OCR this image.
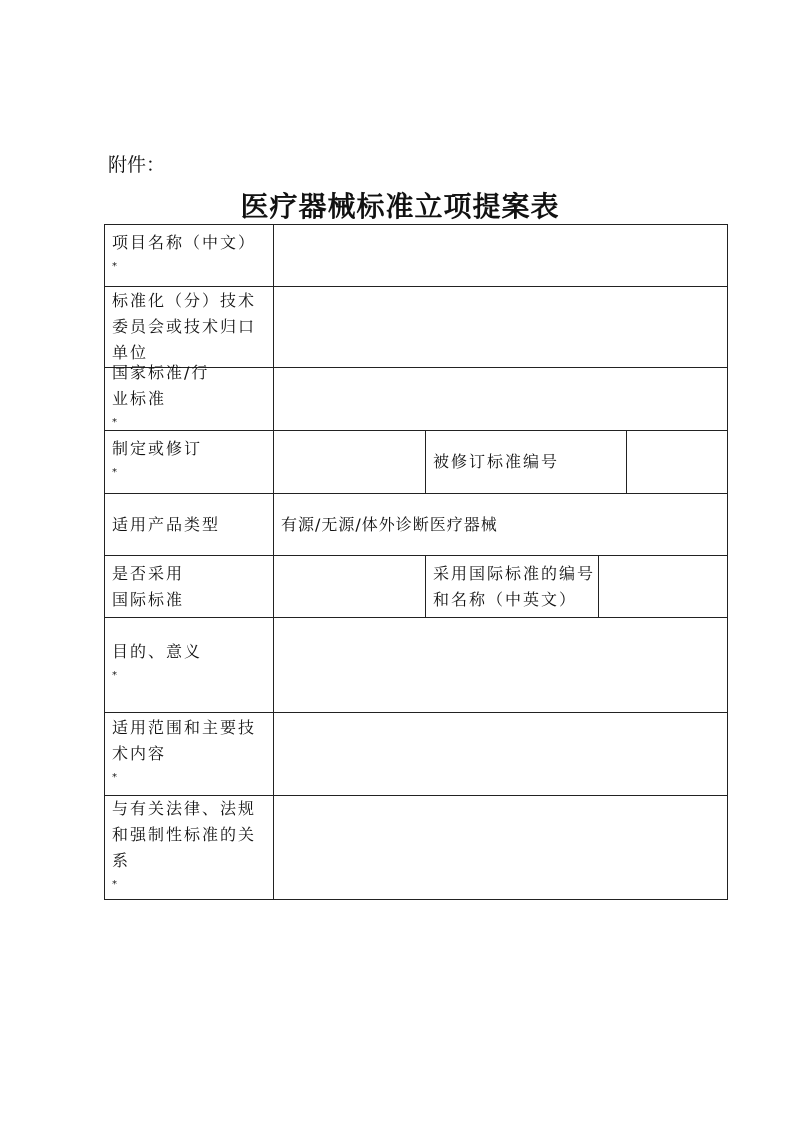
附件：
医疗器械标准立项提案表
项目名称（中文）
*
标准化（分）技术委员会或技术归口单位
国家标准/行业标准
*
制定或修订
*
被修订标准编号
适用产品类型	有源/无源/体外诊断医疗器械
是否采用国际标准
采用国际标准的编号和名称（中英文）
目的、意义
*
适用范围和主要技术内容
*
与有关法律、法规和强制性标准的关系
*
